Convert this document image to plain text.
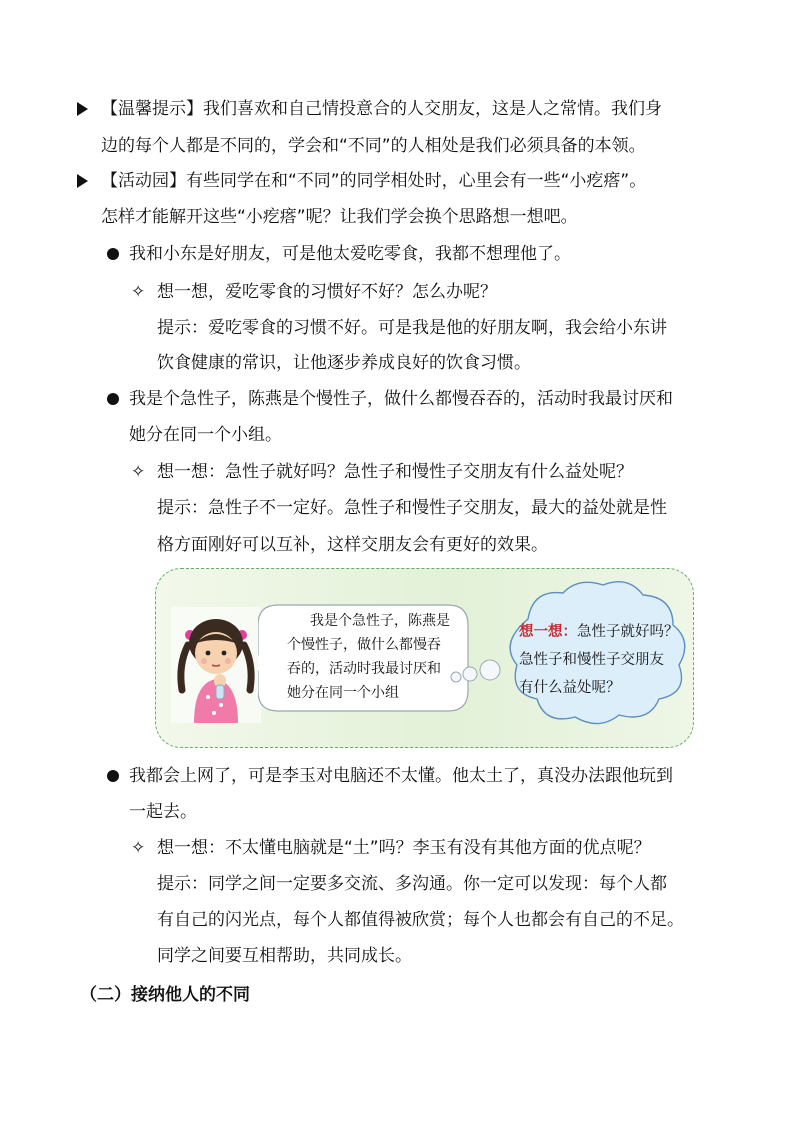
【温馨提示】我们喜欢和自己情投意合的人交朋友，这是人之常情。我们身
边的每个人都是不同的，学会和“不同”的人相处是我们必须具备的本领。
【活动园】有些同学在和“不同”的同学相处时，心里会有一些“小疙瘩”。
怎样才能解开这些“小疙瘩”呢？让我们学会换个思路想一想吧。
我和小东是好朋友，可是他太爱吃零食，我都不想理他了。
✧ 想一想，爱吃零食的习惯好不好？怎么办呢？
提示：爱吃零食的习惯不好。可是我是他的好朋友啊，我会给小东讲
饮食健康的常识，让他逐步养成良好的饮食习惯。
我是个急性子，陈燕是个慢性子，做什么都慢吞吞的，活动时我最讨厌和
她分在同一个小组。
✧ 想一想：急性子就好吗？急性子和慢性子交朋友有什么益处呢？
提示：急性子不一定好。急性子和慢性子交朋友，最大的益处就是性
格方面刚好可以互补，这样交朋友会有更好的效果。
我是个急性子，陈燕是
个慢性子，做什么都慢吞
吞的，活动时我最讨厌和
她分在同一个小组
想一想：急性子就好吗？
急性子和慢性子交朋友
有什么益处呢？
我都会上网了，可是李玉对电脑还不太懂。他太土了，真没办法跟他玩到
一起去。
✧ 想一想：不太懂电脑就是“土”吗？李玉有没有其他方面的优点呢？
提示：同学之间一定要多交流、多沟通。你一定可以发现：每个人都
有自己的闪光点，每个人都值得被欣赏；每个人也都会有自己的不足。
同学之间要互相帮助，共同成长。
（二）接纳他人的不同
